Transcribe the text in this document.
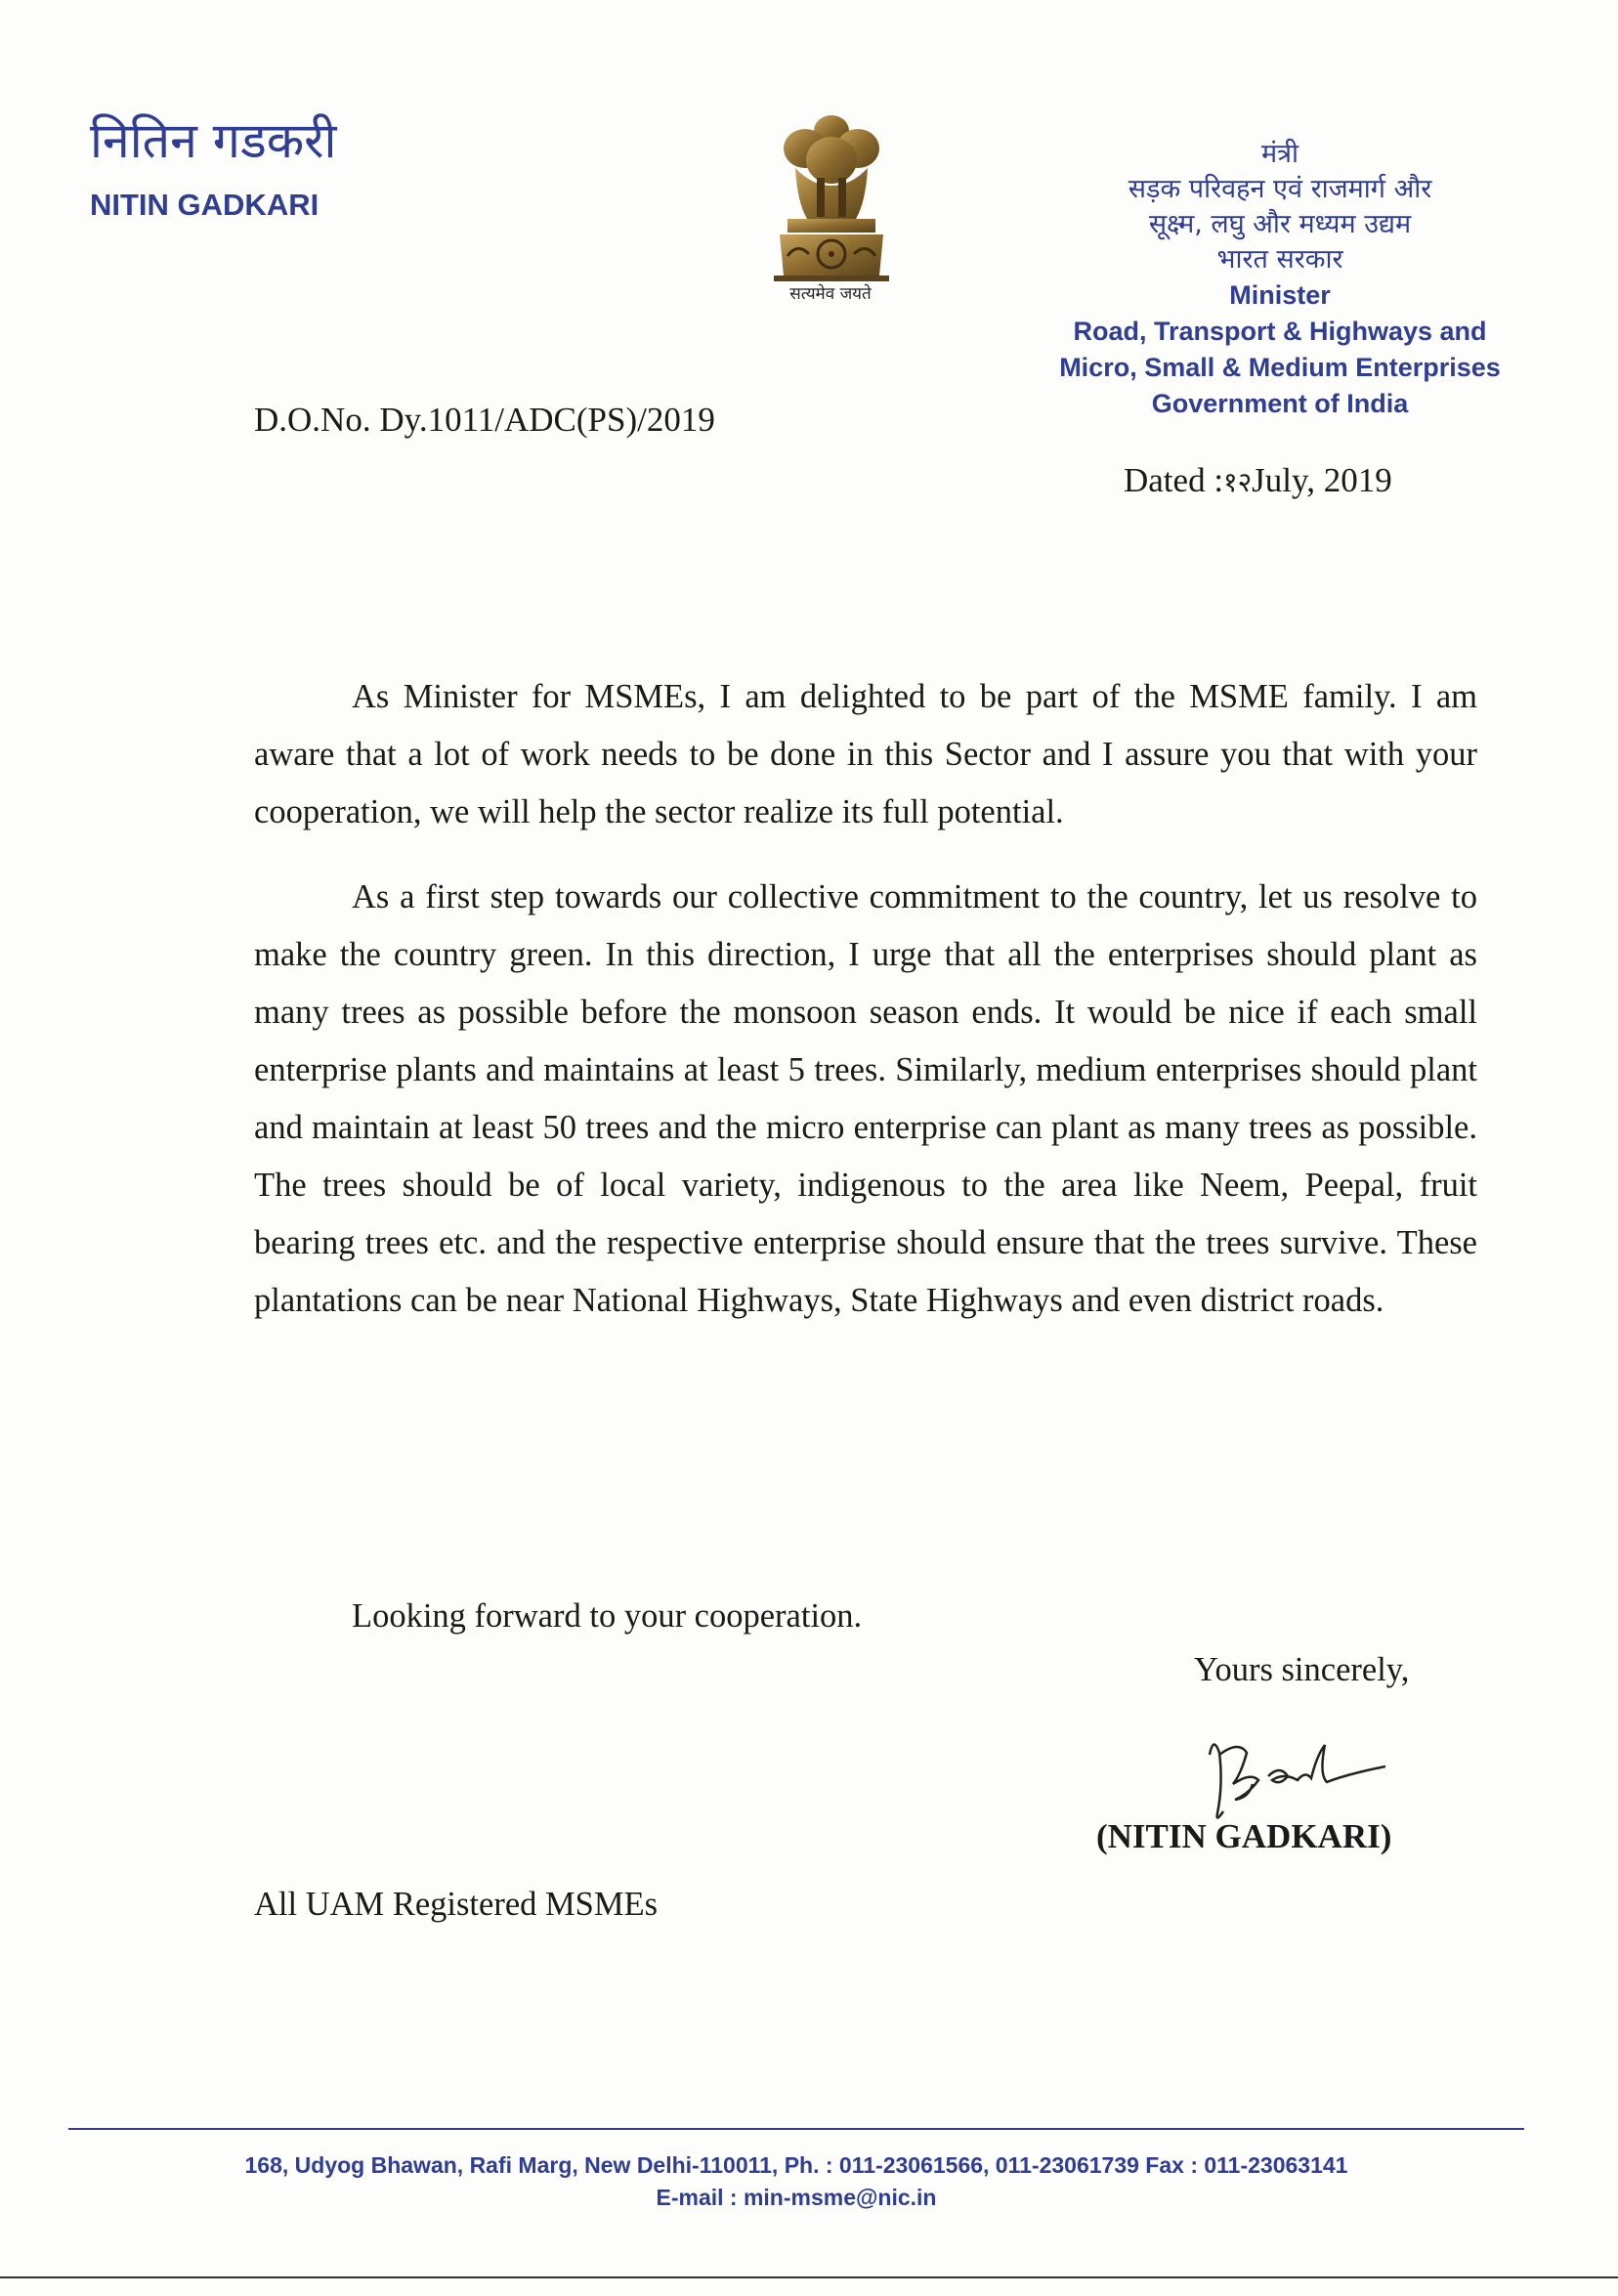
नितिन गडकरी
NITIN GADKARI
सत्यमेव जयते
मंत्री
सड़क परिवहन एवं राजमार्ग और
सूक्ष्म, लघु और मध्यम उद्यम
भारत सरकार
Minister
Road, Transport & Highways and
Micro, Small & Medium Enterprises
Government of India
D.O.No. Dy.1011/ADC(PS)/2019
Dated :१२July, 2019

As Minister for MSMEs, I am delighted to be part of the MSME family. I am aware that a lot of work needs to be done in this Sector and I assure you that with your cooperation, we will help the sector realize its full potential.

As a first step towards our collective commitment to the country, let us resolve to make the country green. In this direction, I urge that all the enterprises should plant as many trees as possible before the monsoon season ends. It would be nice if each small enterprise plants and maintains at least 5 trees. Similarly, medium enterprises should plant and maintain at least 50 trees and the micro enterprise can plant as many trees as possible. The trees should be of local variety, indigenous to the area like Neem, Peepal, fruit bearing trees etc. and the respective enterprise should ensure that the trees survive. These plantations can be near National Highways, State Highways and even district roads.

Looking forward to your cooperation.
Yours sincerely,
(NITIN GADKARI)
All UAM Registered MSMEs
168, Udyog Bhawan, Rafi Marg, New Delhi-110011, Ph. : 011-23061566, 011-23061739 Fax : 011-23063141
E-mail : min-msme@nic.in
